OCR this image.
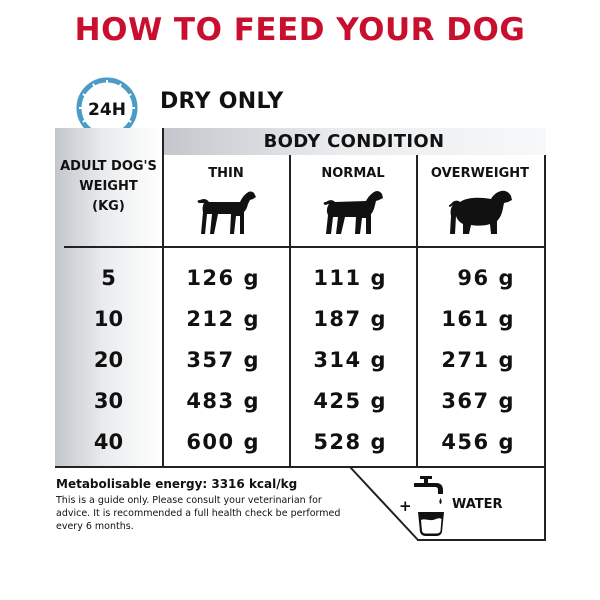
HOW TO FEED YOUR DOG
24H DRY ONLY
BODY CONDITION
ADULT DOG'S
WEIGHT
(KG)
THIN	NORMAL	OVERWEIGHT
5	126 g	111 g	96 g
10	212 g	187 g	161 g
20	357 g	314 g	271 g
30	483 g	425 g	367 g
40	600 g	528 g	456 g
Metabolisable energy: 3316 kcal/kg
This is a guide only. Please consult your veterinarian for
advice. It is recommended a full health check be performed
every 6 months.
+	WATER
